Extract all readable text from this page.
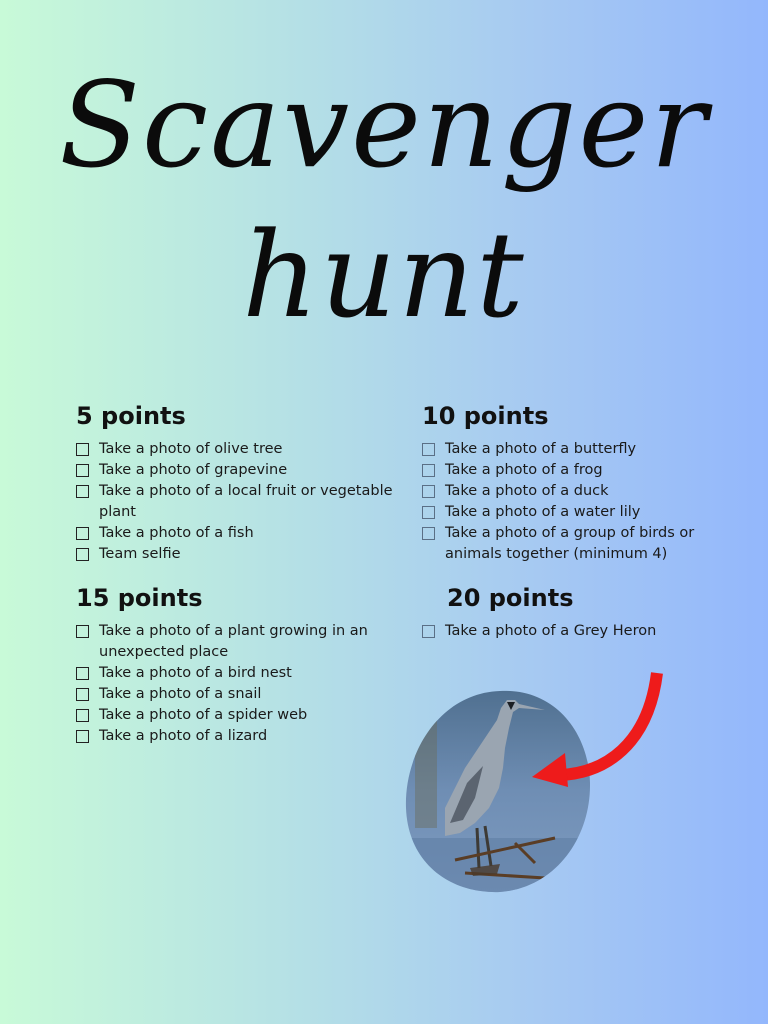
Scavenger
hunt
5 points
Take a photo of olive tree
Take a photo of grapevine
Take a photo of a local fruit or vegetable plant
Take a photo of a fish
Team selfie
10 points
Take a photo of a butterfly
Take a photo of a frog
Take a photo of a duck
Take a photo of a water lily
Take a photo of a group of birds or animals together (minimum 4)
15 points
Take a photo of a plant growing in an unexpected place
Take a photo of a bird nest
Take a photo of a snail
Take a photo of a spider web
Take a photo of a lizard
20 points
Take a photo of a Grey Heron
